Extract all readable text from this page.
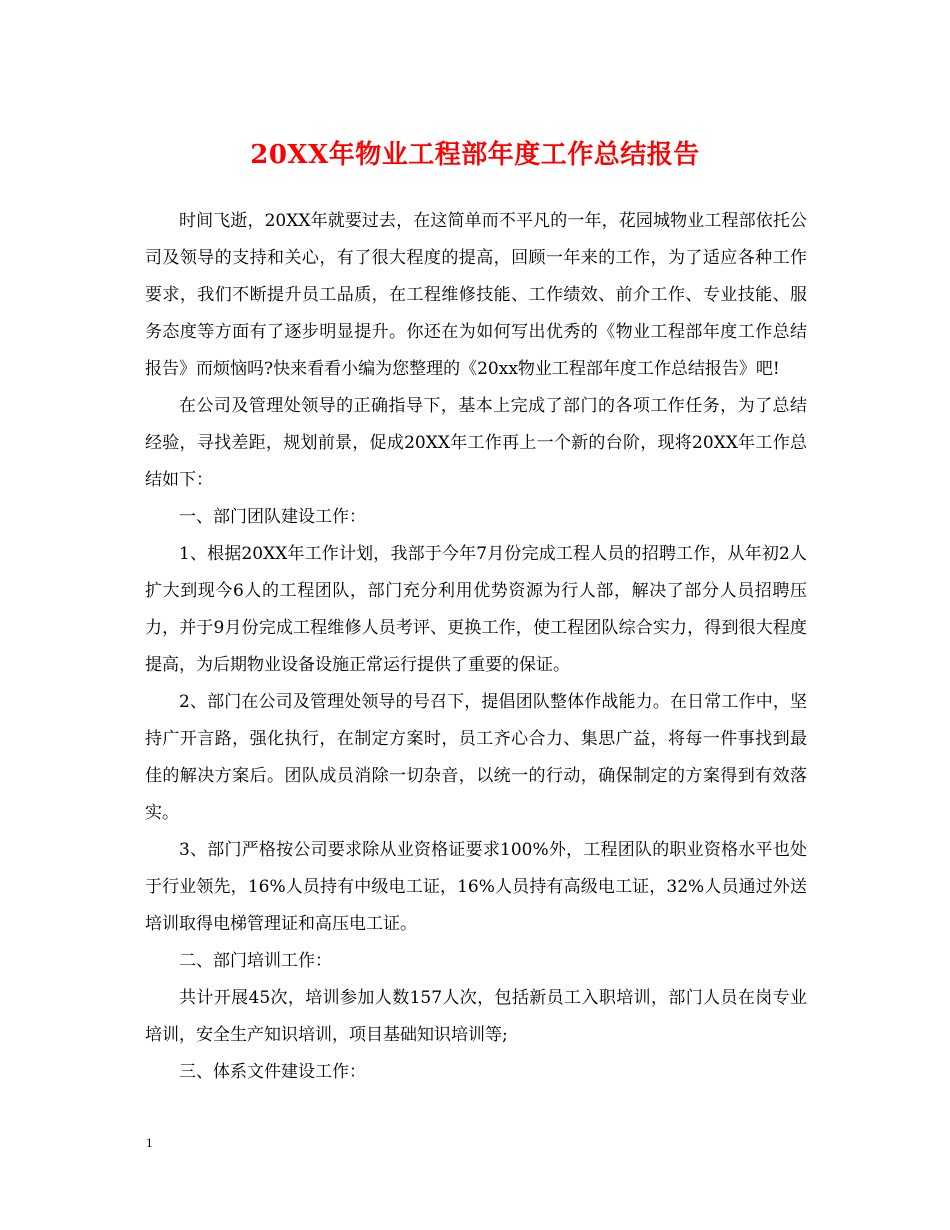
20XX年物业工程部年度工作总结报告

时间飞逝，20XX年就要过去，在这简单而不平凡的一年，花园城物业工程部依托公司及领导的支持和关心，有了很大程度的提高，回顾一年来的工作，为了适应各种工作要求，我们不断提升员工品质，在工程维修技能、工作绩效、前介工作、专业技能、服务态度等方面有了逐步明显提升。你还在为如何写出优秀的《物业工程部年度工作总结报告》而烦恼吗?快来看看小编为您整理的《20xx物业工程部年度工作总结报告》吧!

在公司及管理处领导的正确指导下，基本上完成了部门的各项工作任务，为了总结经验，寻找差距，规划前景，促成20XX年工作再上一个新的台阶，现将20XX年工作总结如下：

一、部门团队建设工作：

1、根据20XX年工作计划，我部于今年7月份完成工程人员的招聘工作，从年初2人扩大到现今6人的工程团队，部门充分利用优势资源为行人部，解决了部分人员招聘压力，并于9月份完成工程维修人员考评、更换工作，使工程团队综合实力，得到很大程度提高，为后期物业设备设施正常运行提供了重要的保证。

2、部门在公司及管理处领导的号召下，提倡团队整体作战能力。在日常工作中，坚持广开言路，强化执行，在制定方案时，员工齐心合力、集思广益，将每一件事找到最佳的解决方案后。团队成员消除一切杂音，以统一的行动，确保制定的方案得到有效落实。

3、部门严格按公司要求除从业资格证要求100%外，工程团队的职业资格水平也处于行业领先，16%人员持有中级电工证，16%人员持有高级电工证，32%人员通过外送培训取得电梯管理证和高压电工证。

二、部门培训工作：

共计开展45次，培训参加人数157人次，包括新员工入职培训，部门人员在岗专业培训，安全生产知识培训，项目基础知识培训等;

三、体系文件建设工作：

1
